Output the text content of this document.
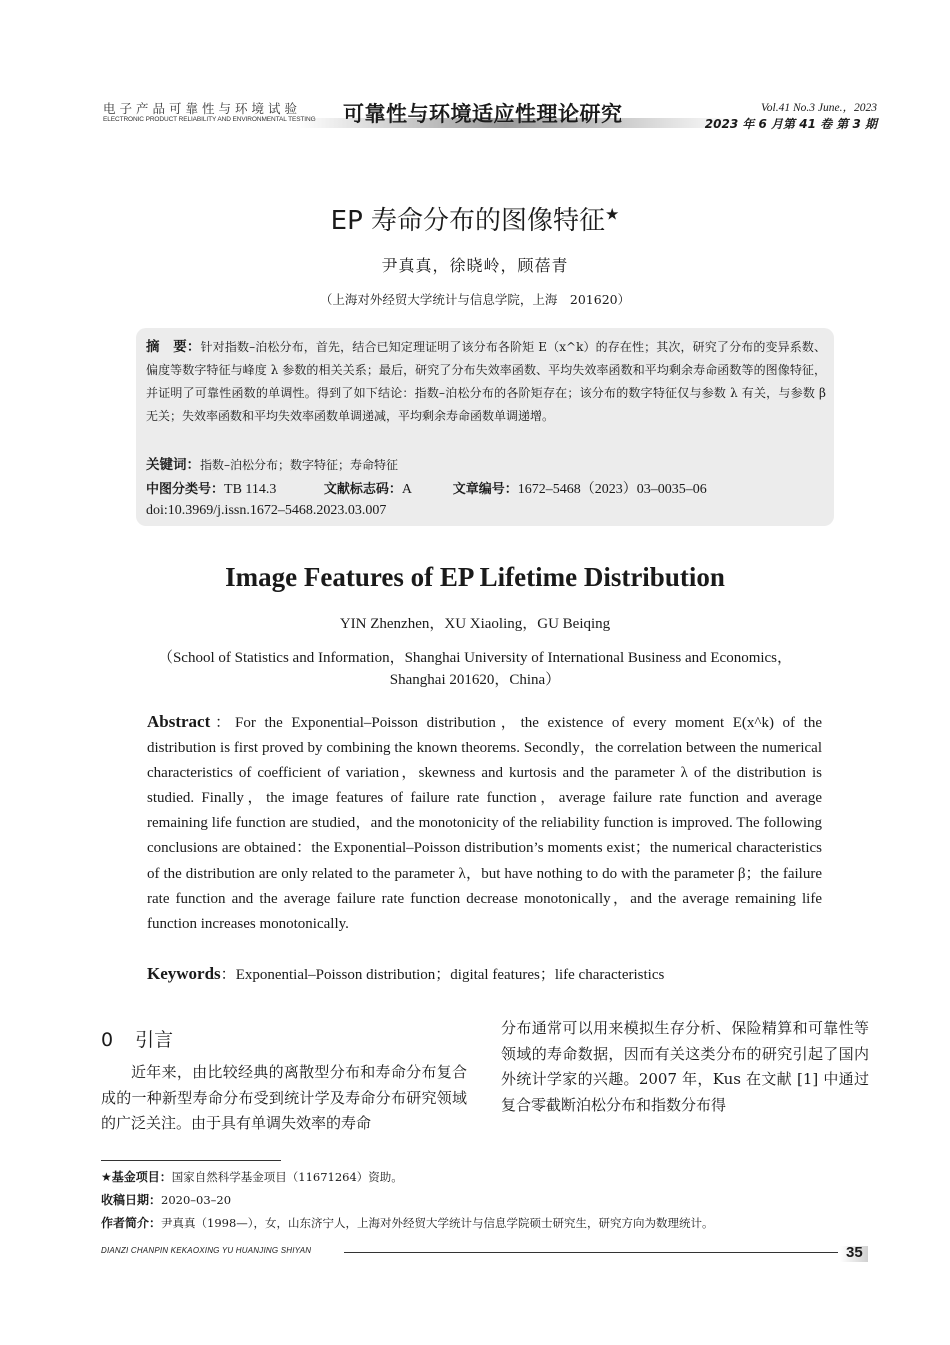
电子产品可靠性与环境试验
ELECTRONIC PRODUCT RELIABILITY AND ENVIRONMENTAL TESTING 可靠性与环境适应性理论研究	Vol.41 No.3 June.，2023
2023 年 6 月第 41 卷 第 3 期
EP 寿命分布的图像特征★
尹真真，徐晓岭，顾蓓青
（上海对外经贸大学统计与信息学院，上海　201620）
摘　要：针对指数–泊松分布，首先，结合已知定理证明了该分布各阶矩 E（x^k）的存在性；其次，研究了分布的变异系数、偏度等数字特征与峰度 λ 参数的相关关系；最后，研究了分布失效率函数、平均失效率函数和平均剩余寿命函数等的图像特征，并证明了可靠性函数的单调性。得到了如下结论：指数–泊松分布的各阶矩存在；该分布的数字特征仅与参数 λ 有关，与参数 β 无关；失效率函数和平均失效率函数单调递减，平均剩余寿命函数单调递增。
关键词：指数–泊松分布；数字特征；寿命特征
中图分类号：TB 114.3	文献标志码：A	文章编号：1672–5468（2023）03–0035–06
doi:10.3969/j.issn.1672–5468.2023.03.007
Image Features of EP Lifetime Distribution
YIN Zhenzhen，XU Xiaoling，GU Beiqing
（School of Statistics and Information，Shanghai University of International Business and Economics，
Shanghai 201620，China）
Abstract：For the Exponential–Poisson distribution，the existence of every moment E(x^k) of the distribution is first proved by combining the known theorems. Secondly，the correlation between the numerical characteristics of coefficient of variation，skewness and kurtosis and the parameter λ of the distribution is studied. Finally，the image features of failure rate function，average failure rate function and average remaining life function are studied，and the monotonicity of the reliability function is improved. The following conclusions are obtained：the Exponential–Poisson distribution’s moments exist；the numerical characteristics of the distribution are only related to the parameter λ，but have nothing to do with the parameter β；the failure rate function and the average failure rate function decrease monotonically，and the average remaining life function increases monotonically.
Keywords：Exponential–Poisson distribution；digital features；life characteristics
0 引言
近年来，由比较经典的离散型分布和寿命分布复合成的一种新型寿命分布受到统计学及寿命分布研究领域的广泛关注。由于具有单调失效率的寿命
分布通常可以用来模拟生存分析、保险精算和可靠性等领域的寿命数据，因而有关这类分布的研究引起了国内外统计学家的兴趣。2007 年，Kus 在文献 [1] 中通过复合零截断泊松分布和指数分布得
★基金项目：国家自然科学基金项目（11671264）资助。
收稿日期：2020–03–20
作者简介：尹真真（1998—），女，山东济宁人，上海对外经贸大学统计与信息学院硕士研究生，研究方向为数理统计。
DIANZI CHANPIN KEKAOXING YU HUANJING SHIYAN	35
